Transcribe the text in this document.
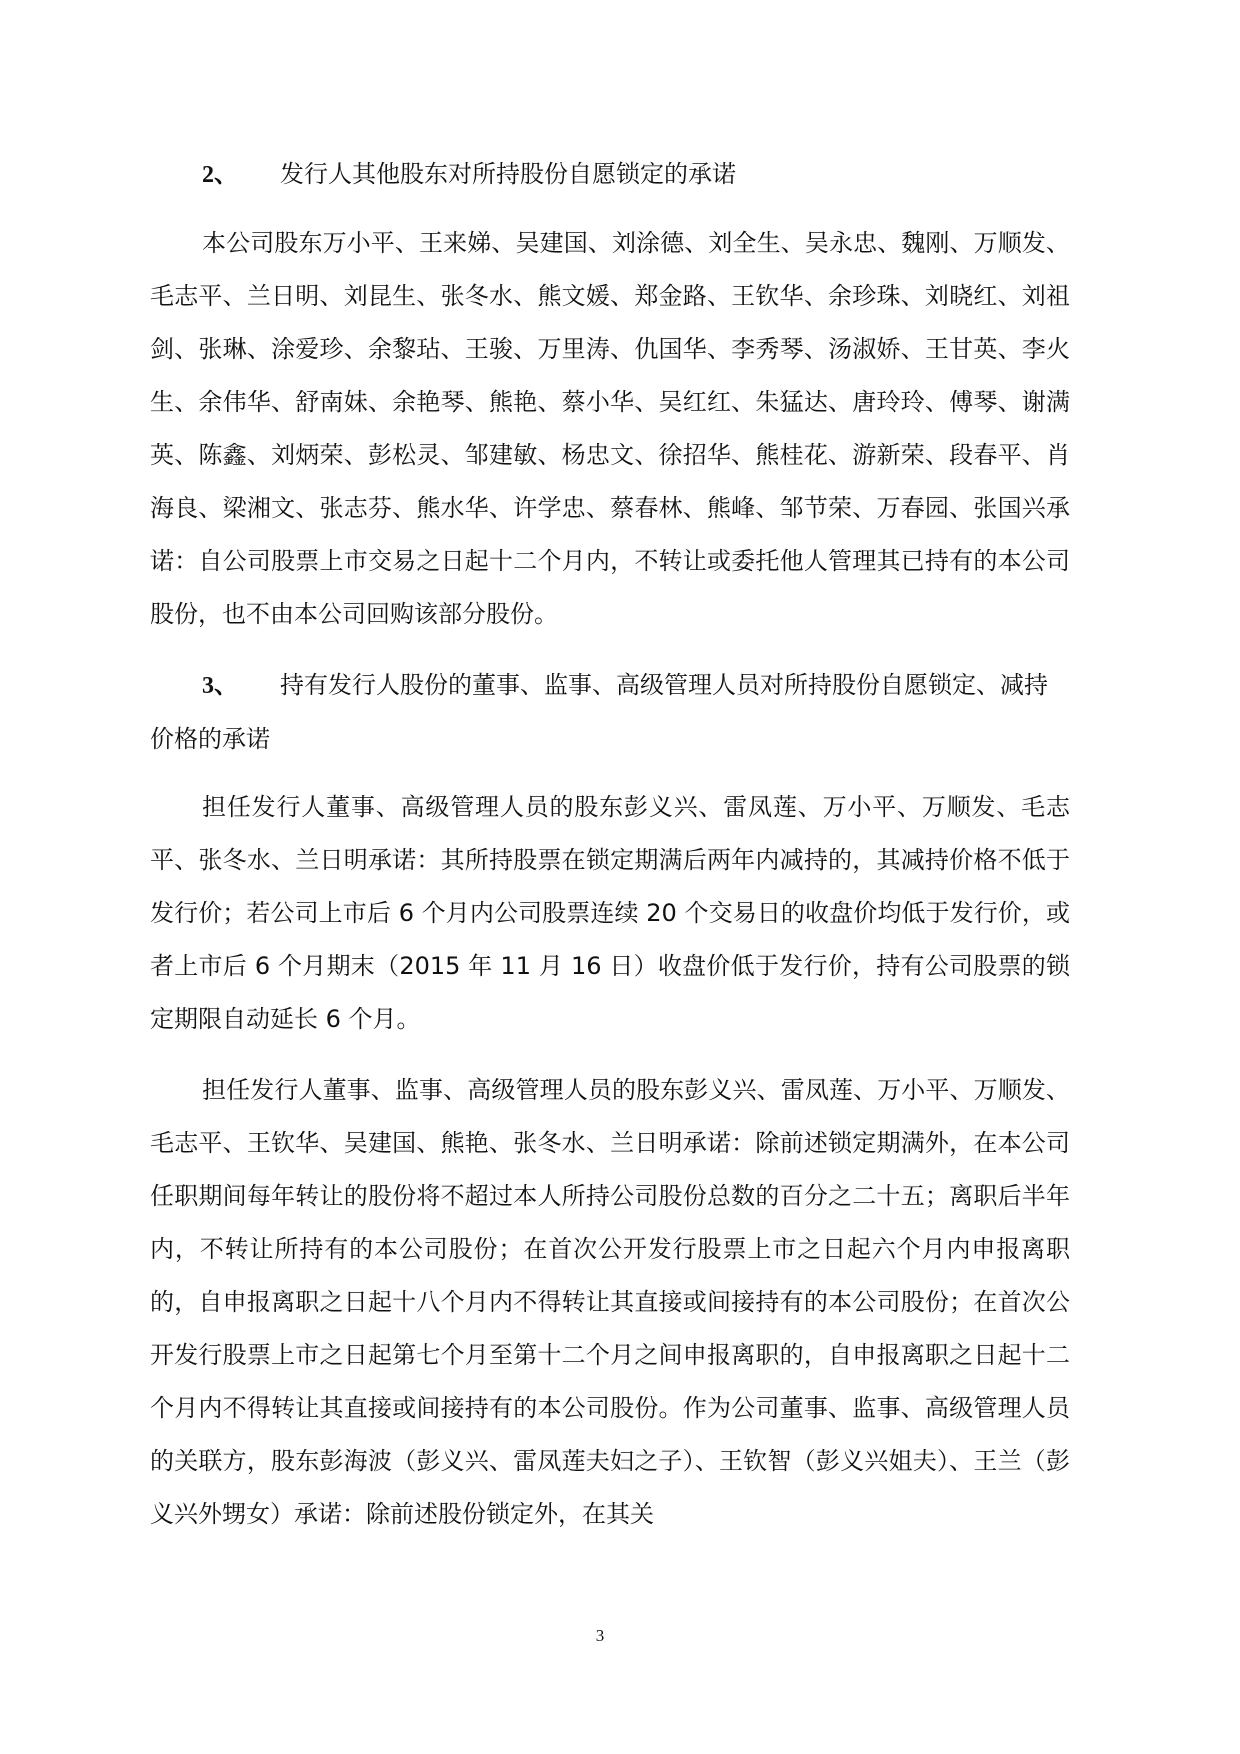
2、 发行人其他股东对所持股份自愿锁定的承诺

本公司股东万小平、王来娣、吴建国、刘涂德、刘全生、吴永忠、魏刚、万顺发、毛志平、兰日明、刘昆生、张冬水、熊文媛、郑金路、王钦华、余珍珠、刘晓红、刘祖剑、张琳、涂爱珍、余黎玷、王骏、万里涛、仇国华、李秀琴、汤淑娇、王甘英、李火生、余伟华、舒南妹、余艳琴、熊艳、蔡小华、吴红红、朱猛达、唐玲玲、傅琴、谢满英、陈鑫、刘炳荣、彭松灵、邹建敏、杨忠文、徐招华、熊桂花、游新荣、段春平、肖海良、梁湘文、张志芬、熊水华、许学忠、蔡春林、熊峰、邹节荣、万春园、张国兴承诺：自公司股票上市交易之日起十二个月内，不转让或委托他人管理其已持有的本公司股份，也不由本公司回购该部分股份。

3、 持有发行人股份的董事、监事、高级管理人员对所持股份自愿锁定、减持价格的承诺

担任发行人董事、高级管理人员的股东彭义兴、雷凤莲、万小平、万顺发、毛志平、张冬水、兰日明承诺：其所持股票在锁定期满后两年内减持的，其减持价格不低于发行价；若公司上市后 6 个月内公司股票连续 20 个交易日的收盘价均低于发行价，或者上市后 6 个月期末（2015 年 11 月 16 日）收盘价低于发行价，持有公司股票的锁定期限自动延长 6 个月。

担任发行人董事、监事、高级管理人员的股东彭义兴、雷凤莲、万小平、万顺发、毛志平、王钦华、吴建国、熊艳、张冬水、兰日明承诺：除前述锁定期满外，在本公司任职期间每年转让的股份将不超过本人所持公司股份总数的百分之二十五；离职后半年内，不转让所持有的本公司股份；在首次公开发行股票上市之日起六个月内申报离职的，自申报离职之日起十八个月内不得转让其直接或间接持有的本公司股份；在首次公开发行股票上市之日起第七个月至第十二个月之间申报离职的，自申报离职之日起十二个月内不得转让其直接或间接持有的本公司股份。作为公司董事、监事、高级管理人员的关联方，股东彭海波（彭义兴、雷凤莲夫妇之子）、王钦智（彭义兴姐夫）、王兰（彭义兴外甥女）承诺：除前述股份锁定外，在其关

3
